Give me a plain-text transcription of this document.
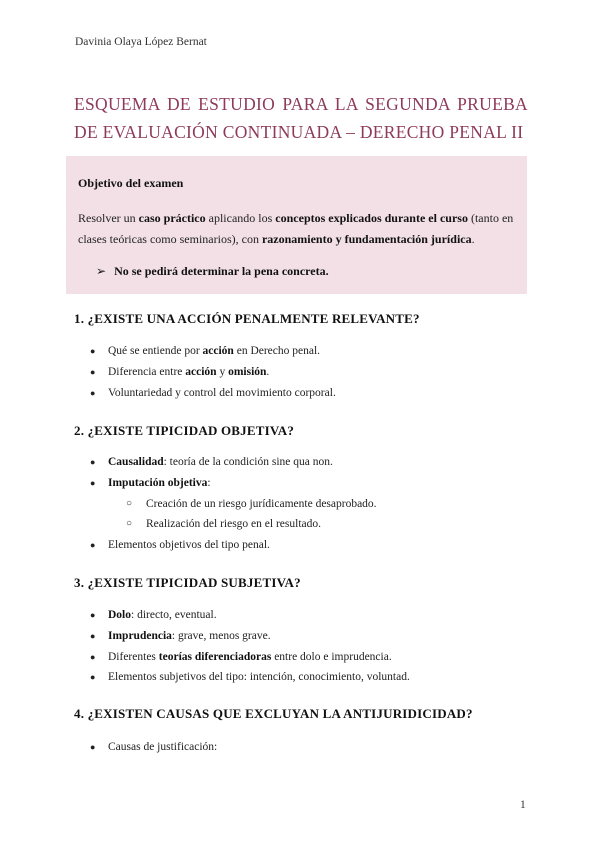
Davinia Olaya López Bernat
ESQUEMA DE ESTUDIO PARA LA SEGUNDA PRUEBA
DE EVALUACIÓN CONTINUADA – DERECHO PENAL II
Objetivo del examen
Resolver un caso práctico aplicando los conceptos explicados durante el curso (tanto en clases teóricas como seminarios), con razonamiento y fundamentación jurídica.
➢ No se pedirá determinar la pena concreta.
1. ¿EXISTE UNA ACCIÓN PENALMENTE RELEVANTE?
● Qué se entiende por acción en Derecho penal.
● Diferencia entre acción y omisión.
● Voluntariedad y control del movimiento corporal.
2. ¿EXISTE TIPICIDAD OBJETIVA?
● Causalidad: teoría de la condición sine qua non.
● Imputación objetiva:
○ Creación de un riesgo jurídicamente desaprobado.
○ Realización del riesgo en el resultado.
● Elementos objetivos del tipo penal.
3. ¿EXISTE TIPICIDAD SUBJETIVA?
● Dolo: directo, eventual.
● Imprudencia: grave, menos grave.
● Diferentes teorías diferenciadoras entre dolo e imprudencia.
● Elementos subjetivos del tipo: intención, conocimiento, voluntad.
4. ¿EXISTEN CAUSAS QUE EXCLUYAN LA ANTIJURIDICIDAD?
● Causas de justificación:
1
